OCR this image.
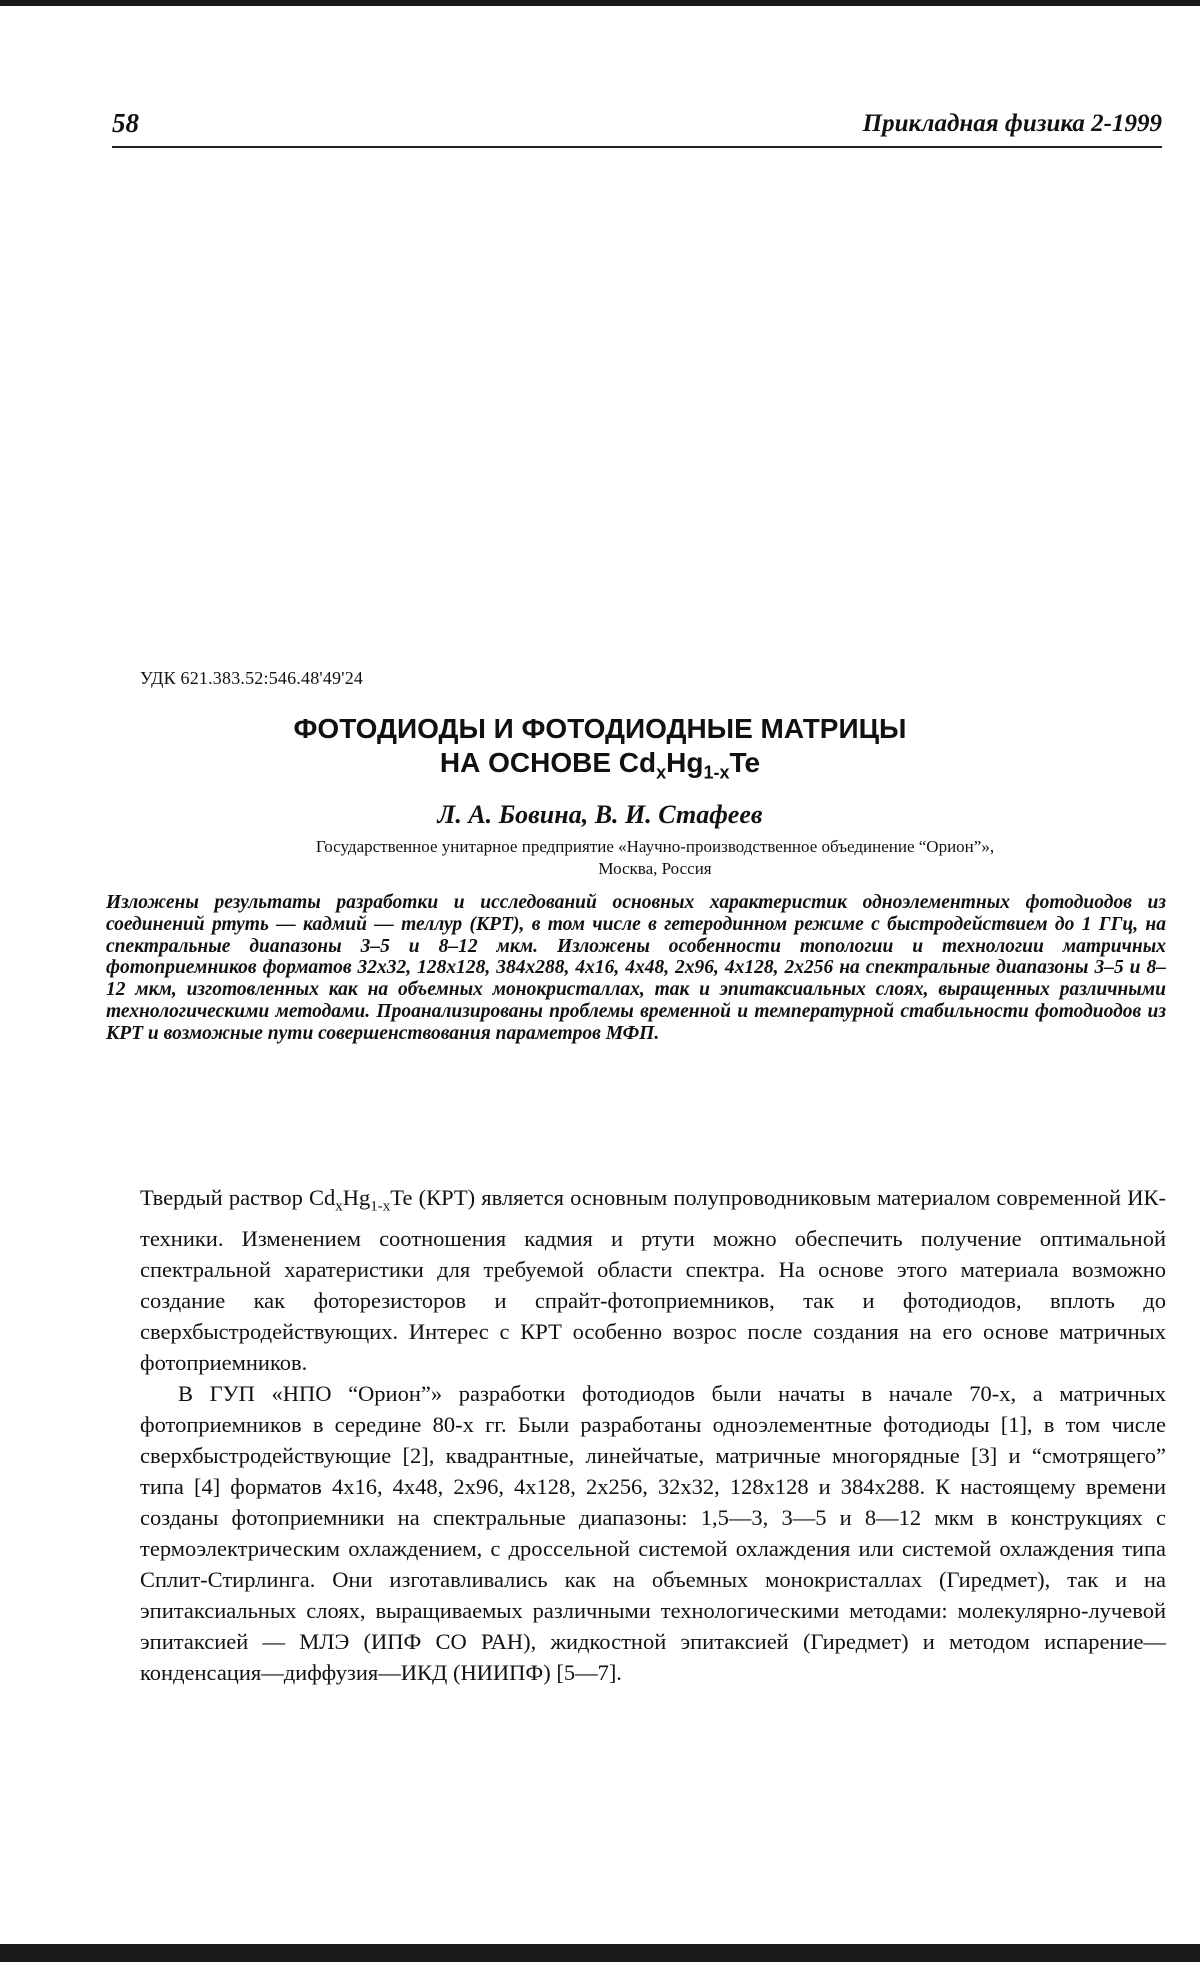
58	Прикладная физика 2-1999
УДК 621.383.52:546.48'49'24
ФОТОДИОДЫ И ФОТОДИОДНЫЕ МАТРИЦЫ
НА ОСНОВЕ $Cd_xHg_{1-x}Te$
Л. А. Бовина, В. И. Стафеев
Государственное унитарное предприятие «Научно-производственное объединение “Орион”»,
Москва, Россия
Изложены результаты разработки и исследований основных характеристик одноэлементных фотодиодов из соединений ртуть — кадмий — теллур (КРТ), в том числе в гетеродинном режиме с быстродействием до 1 ГГц, на спектральные диапазоны 3–5 и 8–12 мкм. Изложены особенности топологии и технологии матричных фотоприемников форматов 32x32, 128x128, 384x288, 4x16, 4x48, 2x96, 4x128, 2x256 на спектральные диапазоны 3–5 и 8–12 мкм, изготовленных как на объемных монокристаллах, так и эпитаксиальных слоях, выращенных различными технологическими методами. Проанализированы проблемы временной и температурной стабильности фотодиодов из КРТ и возможные пути совершенствования параметров МФП.

Твердый раствор $Cd_xHg_{1-x}Te$ (КРТ) является основным полупроводниковым материалом современной ИК-техники. Изменением соотношения кадмия и ртути можно обеспечить получение оптимальной спектральной харатеристики для требуемой области спектра. На основе этого материала возможно создание как фоторезисторов и спрайт-фотоприемников, так и фотодиодов, вплоть до сверхбыстродействующих. Интерес с КРТ особенно возрос после создания на его основе матричных фотоприемников.

В ГУП «НПО “Орион”» разработки фотодиодов были начаты в начале 70-х, а матричных фотоприемников в середине 80-х гг. Были разработаны одноэлементные фотодиоды [1], в том числе сверхбыстродействующие [2], квадрантные, линейчатые, матричные многорядные [3] и “смотрящего” типа [4] форматов 4x16, 4x48, 2x96, 4x128, 2x256, 32x32, 128x128 и 384x288. К настоящему времени созданы фотоприемники на спектральные диапазоны: 1,5—3, 3—5 и 8—12 мкм в конструкциях с термоэлектрическим охлаждением, с дроссельной системой охлаждения или системой охлаждения типа Сплит-Стирлинга. Они изготавливались как на объемных монокристаллах (Гиредмет), так и на эпитаксиальных слоях, выращиваемых различными технологическими методами: молекулярно-лучевой эпитаксией — МЛЭ (ИПФ СО РАН), жидкостной эпитаксией (Гиредмет) и методом испарение—конденсация—диффузия—ИКД (НИИПФ) [5—7].
